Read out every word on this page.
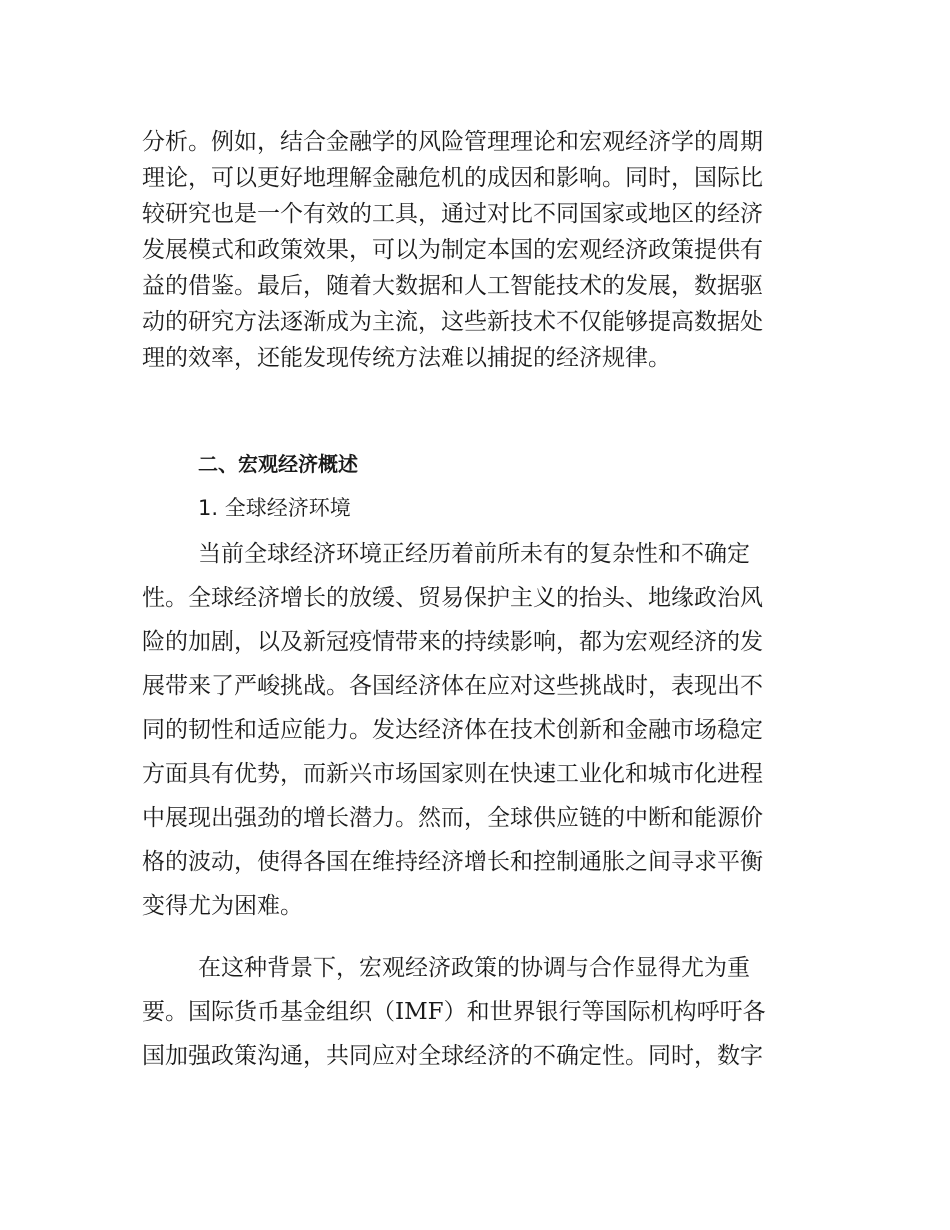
分析。例如，结合金融学的风险管理理论和宏观经济学的周期
理论，可以更好地理解金融危机的成因和影响。同时，国际比
较研究也是一个有效的工具，通过对比不同国家或地区的经济
发展模式和政策效果，可以为制定本国的宏观经济政策提供有
益的借鉴。最后，随着大数据和人工智能技术的发展，数据驱
动的研究方法逐渐成为主流，这些新技术不仅能够提高数据处
理的效率，还能发现传统方法难以捕捉的经济规律。
二、宏观经济概述
1. 全球经济环境
当前全球经济环境正经历着前所未有的复杂性和不确定
性。全球经济增长的放缓、贸易保护主义的抬头、地缘政治风
险的加剧，以及新冠疫情带来的持续影响，都为宏观经济的发
展带来了严峻挑战。各国经济体在应对这些挑战时，表现出不
同的韧性和适应能力。发达经济体在技术创新和金融市场稳定
方面具有优势，而新兴市场国家则在快速工业化和城市化进程
中展现出强劲的增长潜力。然而，全球供应链的中断和能源价
格的波动，使得各国在维持经济增长和控制通胀之间寻求平衡
变得尤为困难。
在这种背景下，宏观经济政策的协调与合作显得尤为重
要。国际货币基金组织（IMF）和世界银行等国际机构呼吁各
国加强政策沟通，共同应对全球经济的不确定性。同时，数字
